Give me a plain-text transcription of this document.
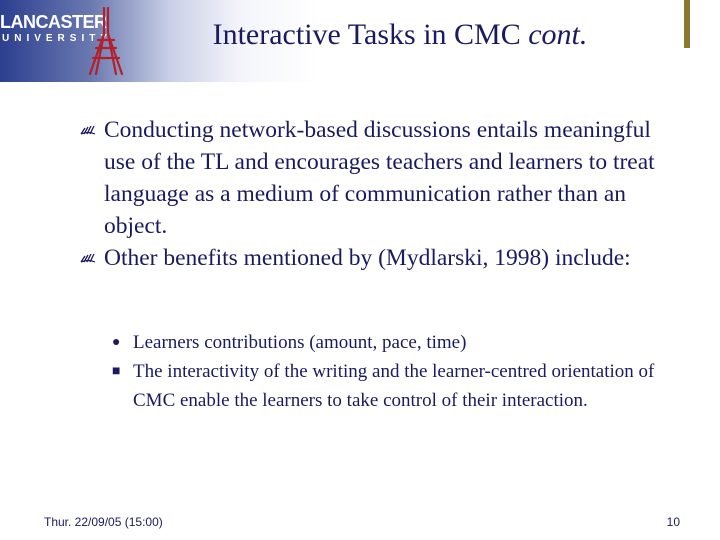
LANCASTER
UNIVERSITY	Interactive Tasks in CMC cont.
Conducting network-based discussions entails meaningful use of the TL and encourages teachers and learners to treat language as a medium of communication rather than an object.
Other benefits mentioned by (Mydlarski, 1998) include:
● Learners contributions (amount, pace, time)
■ The interactivity of the writing and the learner-centred orientation of CMC enable the learners to take control of their interaction.
Thur. 22/09/05 (15:00)	10
